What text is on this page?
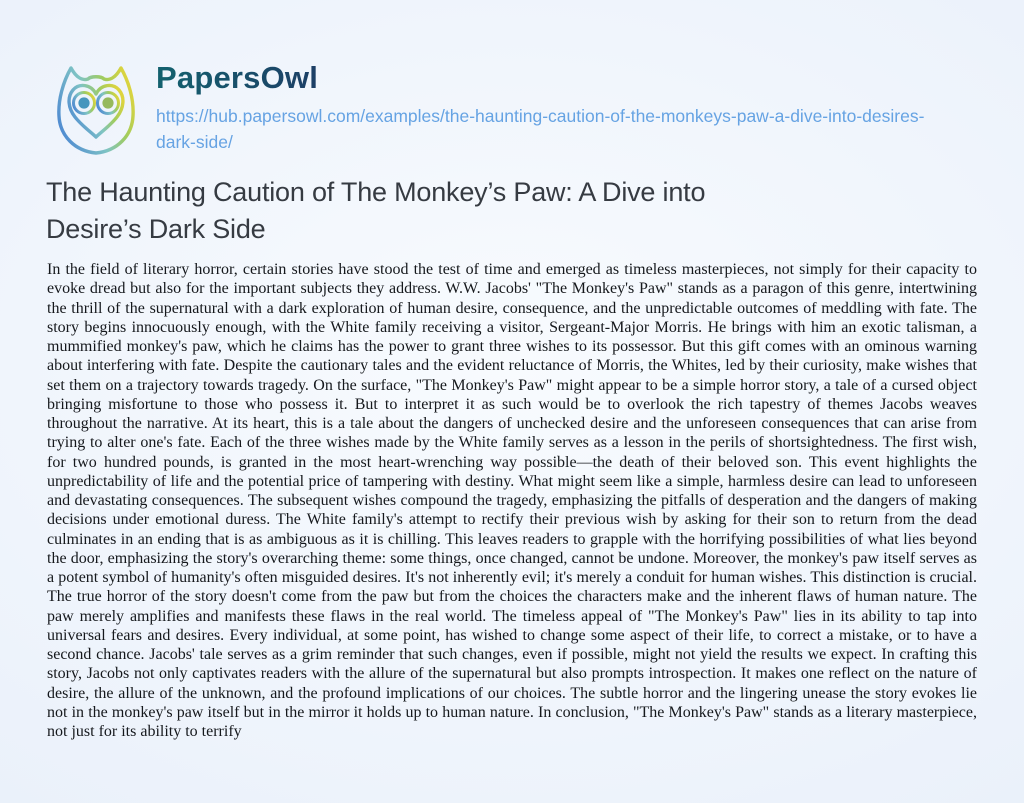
PapersOwl
https://hub.papersowl.com/examples/the-haunting-caution-of-the-monkeys-paw-a-dive-into-desires-dark-side/
The Haunting Caution of The Monkey’s Paw: A Dive into Desire’s Dark Side

In the field of literary horror, certain stories have stood the test of time and emerged as timeless masterpieces, not simply for their capacity to evoke dread but also for the important subjects they address. W.W. Jacobs' "The Monkey's Paw" stands as a paragon of this genre, intertwining the thrill of the supernatural with a dark exploration of human desire, consequence, and the unpredictable outcomes of meddling with fate. The story begins innocuously enough, with the White family receiving a visitor, Sergeant-Major Morris. He brings with him an exotic talisman, a mummified monkey's paw, which he claims has the power to grant three wishes to its possessor. But this gift comes with an ominous warning about interfering with fate. Despite the cautionary tales and the evident reluctance of Morris, the Whites, led by their curiosity, make wishes that set them on a trajectory towards tragedy. On the surface, "The Monkey's Paw" might appear to be a simple horror story, a tale of a cursed object bringing misfortune to those who possess it. But to interpret it as such would be to overlook the rich tapestry of themes Jacobs weaves throughout the narrative. At its heart, this is a tale about the dangers of unchecked desire and the unforeseen consequences that can arise from trying to alter one's fate. Each of the three wishes made by the White family serves as a lesson in the perils of shortsightedness. The first wish, for two hundred pounds, is granted in the most heart-wrenching way possible—the death of their beloved son. This event highlights the unpredictability of life and the potential price of tampering with destiny. What might seem like a simple, harmless desire can lead to unforeseen and devastating consequences. The subsequent wishes compound the tragedy, emphasizing the pitfalls of desperation and the dangers of making decisions under emotional duress. The White family's attempt to rectify their previous wish by asking for their son to return from the dead culminates in an ending that is as ambiguous as it is chilling. This leaves readers to grapple with the horrifying possibilities of what lies beyond the door, emphasizing the story's overarching theme: some things, once changed, cannot be undone. Moreover, the monkey's paw itself serves as a potent symbol of humanity's often misguided desires. It's not inherently evil; it's merely a conduit for human wishes. This distinction is crucial. The true horror of the story doesn't come from the paw but from the choices the characters make and the inherent flaws of human nature. The paw merely amplifies and manifests these flaws in the real world. The timeless appeal of "The Monkey's Paw" lies in its ability to tap into universal fears and desires. Every individual, at some point, has wished to change some aspect of their life, to correct a mistake, or to have a second chance. Jacobs' tale serves as a grim reminder that such changes, even if possible, might not yield the results we expect. In crafting this story, Jacobs not only captivates readers with the allure of the supernatural but also prompts introspection. It makes one reflect on the nature of desire, the allure of the unknown, and the profound implications of our choices. The subtle horror and the lingering unease the story evokes lie not in the monkey's paw itself but in the mirror it holds up to human nature. In conclusion, "The Monkey's Paw" stands as a literary masterpiece, not just for its ability to terrify
